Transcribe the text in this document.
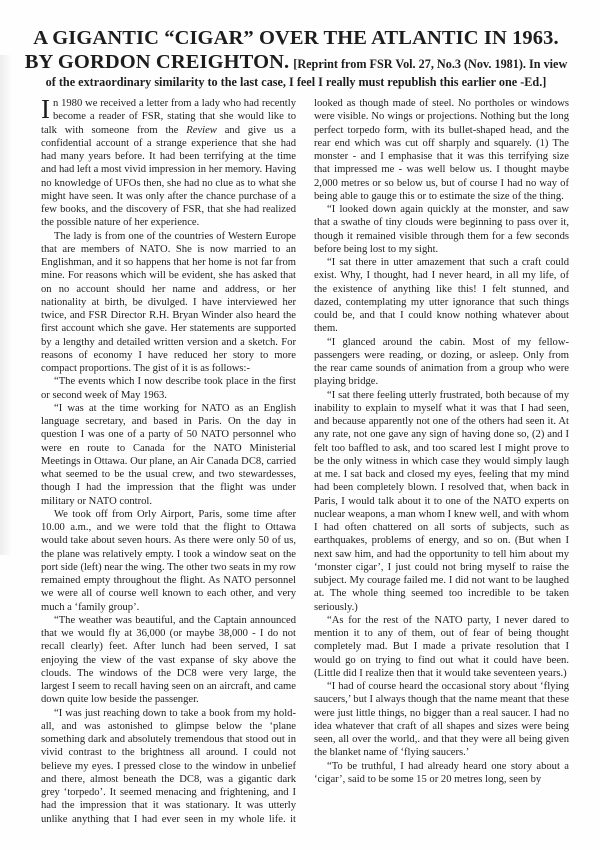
A GIGANTIC “CIGAR” OVER THE ATLANTIC IN 1963.
BY GORDON CREIGHTON. [Reprint from FSR Vol. 27, No.3 (Nov. 1981). In view
of the extraordinary similarity to the last case, I feel I really must republish this earlier one -Ed.]

In 1980 we received a letter from a lady who had recently become a reader of FSR, stating that she would like to talk with someone from the Review and give us a confidential account of a strange experience that she had had many years before. It had been terrifying at the time and had left a most vivid impression in her memory. Having no knowledge of UFOs then, she had no clue as to what she might have seen. It was only after the chance purchase of a few books, and the discovery of FSR, that she had realized the possible nature of her experience.

The lady is from one of the countries of Western Europe that are members of NATO. She is now married to an Englishman, and it so happens that her home is not far from mine. For reasons which will be evident, she has asked that on no account should her name and address, or her nationality at birth, be divulged. I have interviewed her twice, and FSR Director R.H. Bryan Winder also heard the first account which she gave. Her statements are supported by a lengthy and detailed written version and a sketch. For reasons of economy I have reduced her story to more compact proportions. The gist of it is as follows:-

“The events which I now describe took place in the first or second week of May 1963.

“I was at the time working for NATO as an English language secretary, and based in Paris. On the day in question I was one of a party of 50 NATO personnel who were en route to Canada for the NATO Ministerial Meetings in Ottawa. Our plane, an Air Canada DC8, carried what seemed to be the usual crew, and two stewardesses, though I had the impression that the flight was under military or NATO control.

We took off from Orly Airport, Paris, some time after 10.00 a.m., and we were told that the flight to Ottawa would take about seven hours. As there were only 50 of us, the plane was relatively empty. I took a window seat on the port side (left) near the wing. The other two seats in my row remained empty throughout the flight. As NATO personnel we were all of course well known to each other, and very much a ‘family group’.

“The weather was beautiful, and the Captain announced that we would fly at 36,000 (or maybe 38,000 - I do not recall clearly) feet. After lunch had been served, I sat enjoying the view of the vast expanse of sky above the clouds. The windows of the DC8 were very large, the largest I seem to recall having seen on an aircraft, and came down quite low beside the passenger.

“I was just reaching down to take a book from my hold-all, and was astonished to glimpse below the ‘plane something dark and absolutely tremendous that stood out in vivid contrast to the brightness all around. I could not believe my eyes. I pressed close to the window in unbelief and there, almost beneath the DC8, was a gigantic dark grey ‘torpedo’. It seemed menacing and frightening, and I had the impression that it was stationary. It was utterly unlike anything that I had ever seen in my whole life. it looked as though made of steel. No portholes or windows were visible. No wings or projections. Nothing but the long perfect torpedo form, with its bullet-shaped head, and the rear end which was cut off sharply and squarely. (1) The monster - and I emphasise that it was this terrifying size that impressed me - was well below us. I thought maybe 2,000 metres or so below us, but of course I had no way of being able to gauge this or to estimate the size of the thing.

“I looked down again quickly at the monster, and saw that a swathe of tiny clouds were beginning to pass over it, though it remained visible through them for a few seconds before being lost to my sight.

“I sat there in utter amazement that such a craft could exist. Why, I thought, had I never heard, in all my life, of the existence of anything like this! I felt stunned, and dazed, contemplating my utter ignorance that such things could be, and that I could know nothing whatever about them.

“I glanced around the cabin. Most of my fellow-passengers were reading, or dozing, or asleep. Only from the rear came sounds of animation from a group who were playing bridge.

“I sat there feeling utterly frustrated, both because of my inability to explain to myself what it was that I had seen, and because apparently not one of the others had seen it. At any rate, not one gave any sign of having done so, (2) and I felt too baffled to ask, and too scared lest I might prove to be the only witness in which case they would simply laugh at me. I sat back and closed my eyes, feeling that my mind had been completely blown. I resolved that, when back in Paris, I would talk about it to one of the NATO experts on nuclear weapons, a man whom I knew well, and with whom I had often chattered on all sorts of subjects, such as earthquakes, problems of energy, and so on. (But when I next saw him, and had the opportunity to tell him about my ‘monster cigar’, I just could not bring myself to raise the subject. My courage failed me. I did not want to be laughed at. The whole thing seemed too incredible to be taken seriously.)

“As for the rest of the NATO party, I never dared to mention it to any of them, out of fear of being thought completely mad. But I made a private resolution that I would go on trying to find out what it could have been. (Little did I realize then that it would take seventeen years.)

“I had of course heard the occasional story about ‘flying saucers,’ but I always though that the name meant that these were just little things, no bigger than a real saucer. I had no idea whatever that craft of all shapes and sizes were being seen, all over the world,. and that they were all being given the blanket name of ‘flying saucers.’

“To be truthful, I had already heard one story about a ‘cigar’, said to be some 15 or 20 metres long, seen by
